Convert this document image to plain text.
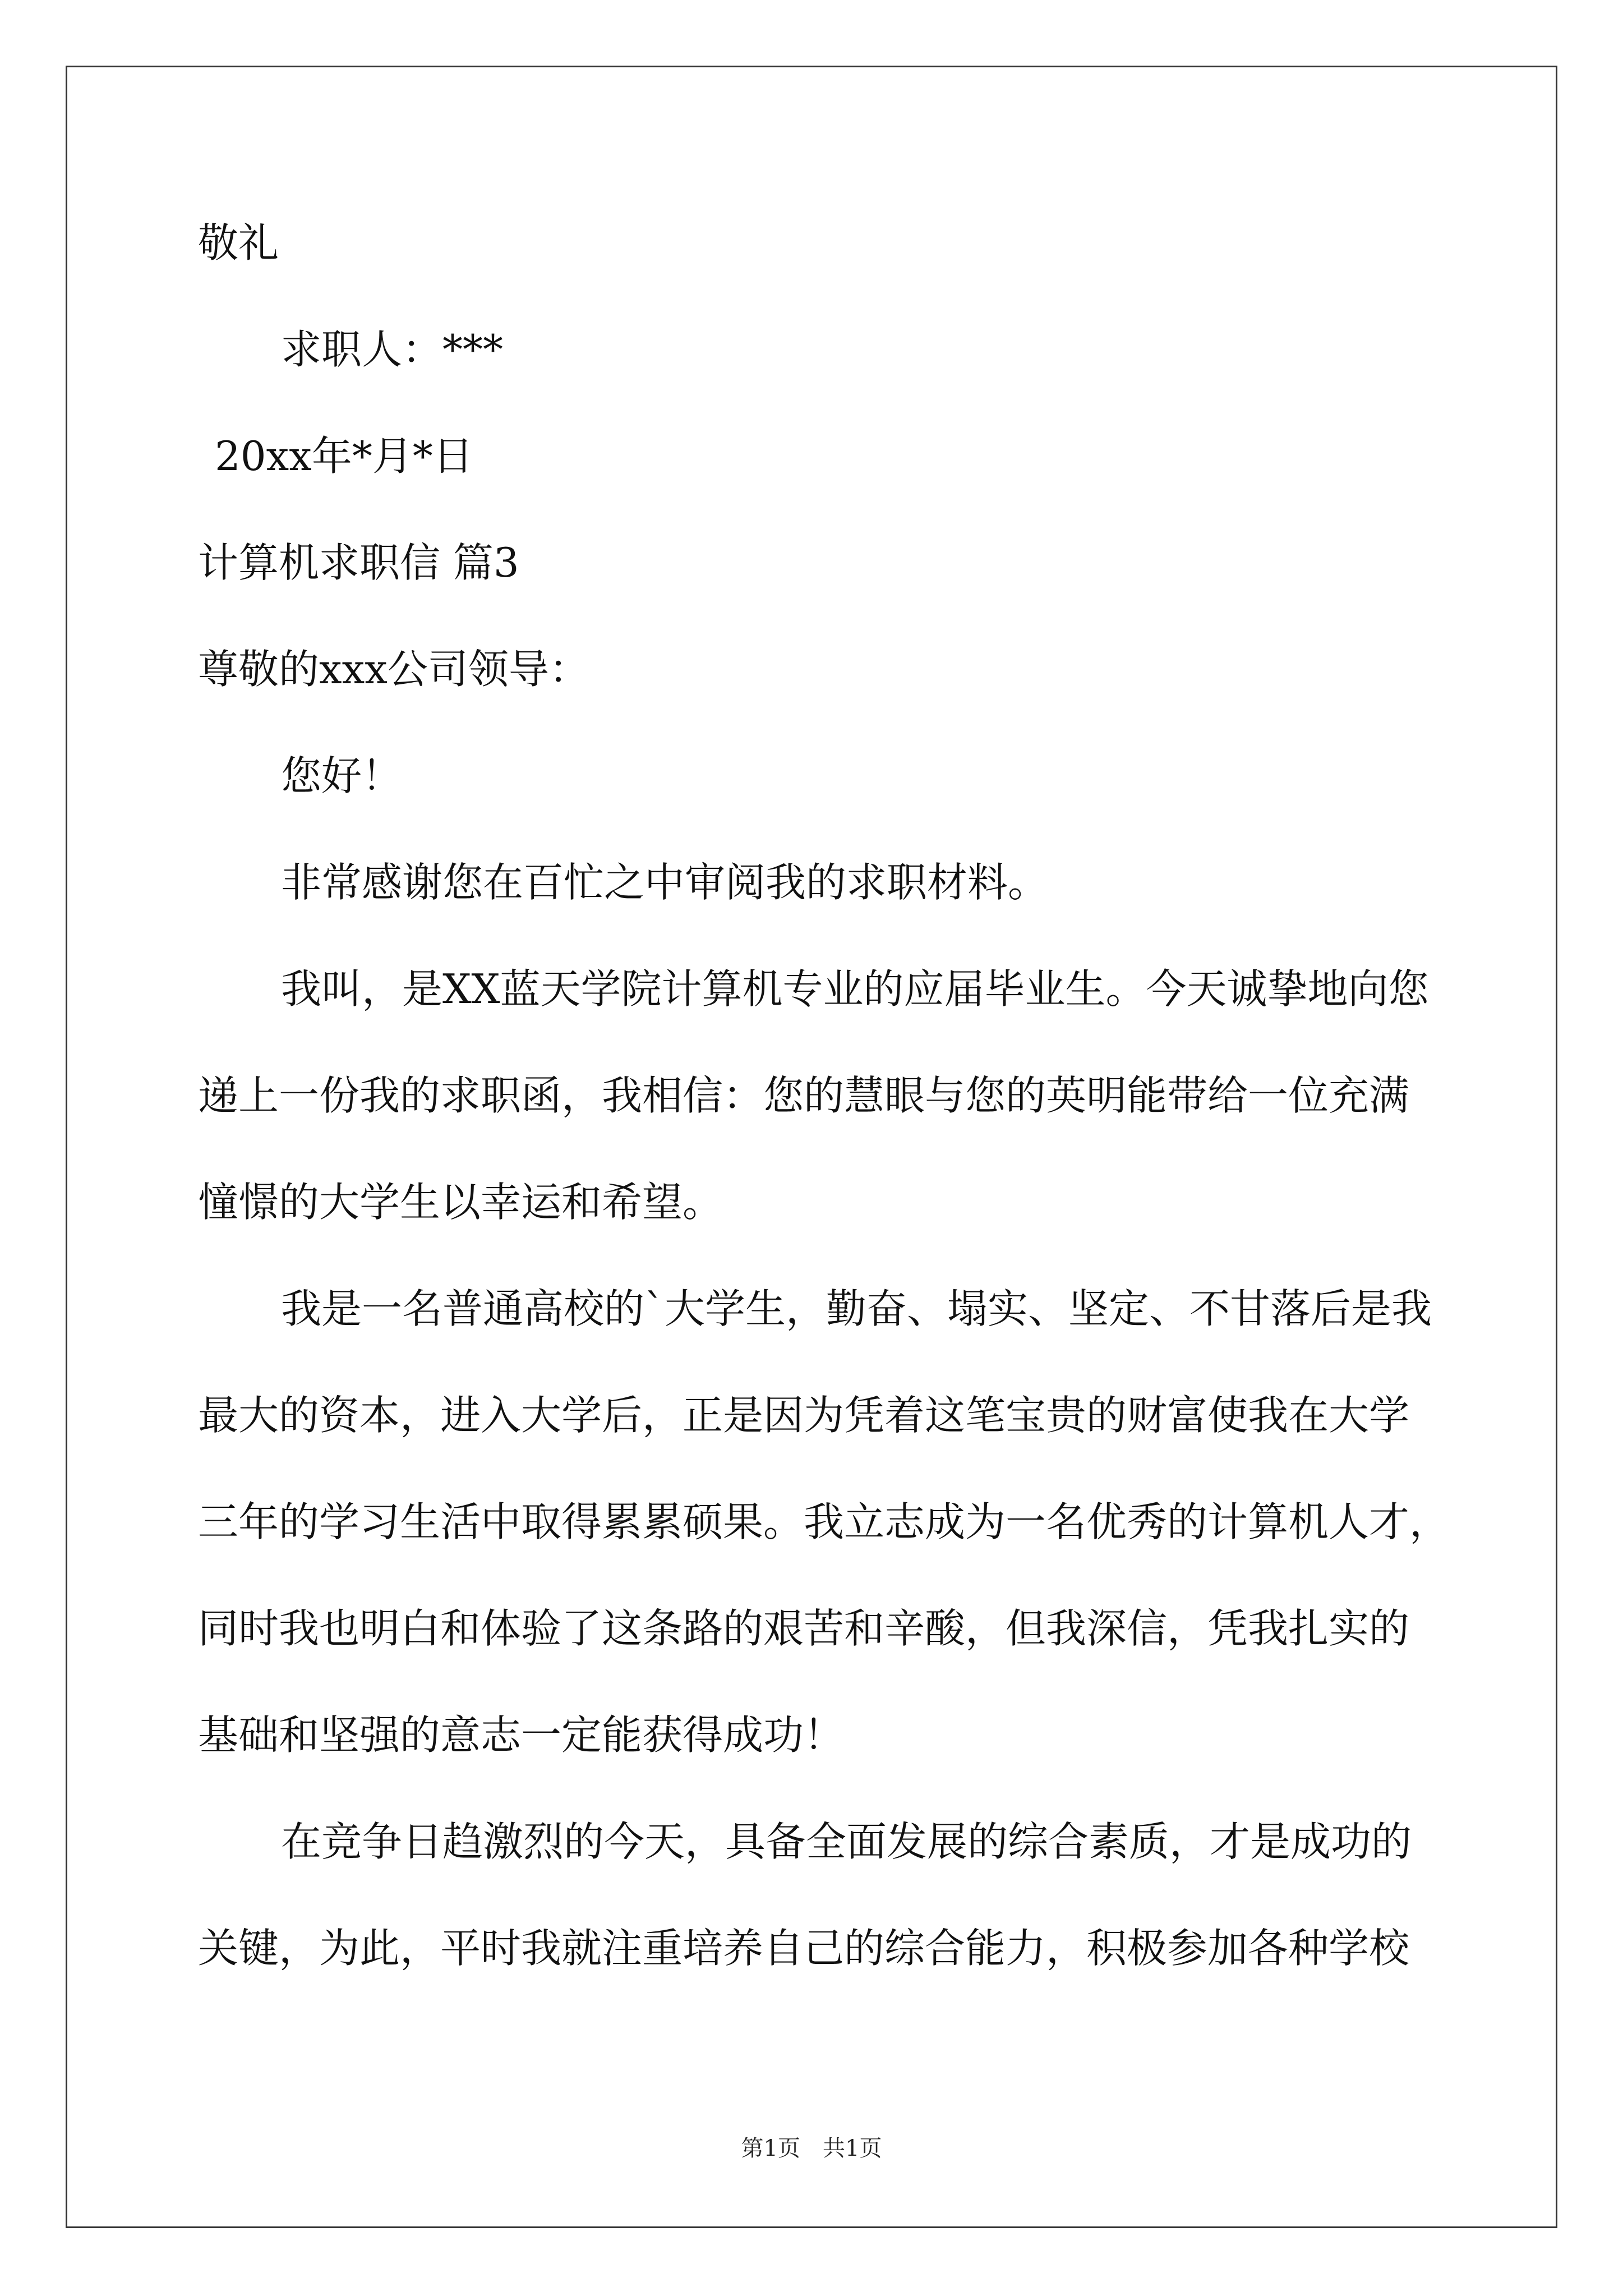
敬礼

求职人：***

20xx年*月*日

计算机求职信 篇3

尊敬的xxx公司领导：

您好！

非常感谢您在百忙之中审阅我的求职材料。

我叫，是XX蓝天学院计算机专业的应届毕业生。今天诚挚地向您

递上一份我的求职函，我相信：您的慧眼与您的英明能带给一位充满

憧憬的大学生以幸运和希望。

我是一名普通高校的`大学生，勤奋、塌实、坚定、不甘落后是我

最大的资本，进入大学后，正是因为凭着这笔宝贵的财富使我在大学

三年的学习生活中取得累累硕果。我立志成为一名优秀的计算机人才，

同时我也明白和体验了这条路的艰苦和辛酸，但我深信，凭我扎实的

基础和坚强的意志一定能获得成功！

在竞争日趋激烈的今天，具备全面发展的综合素质，才是成功的

关键，为此，平时我就注重培养自己的综合能力，积极参加各种学校

第1页　共1页
